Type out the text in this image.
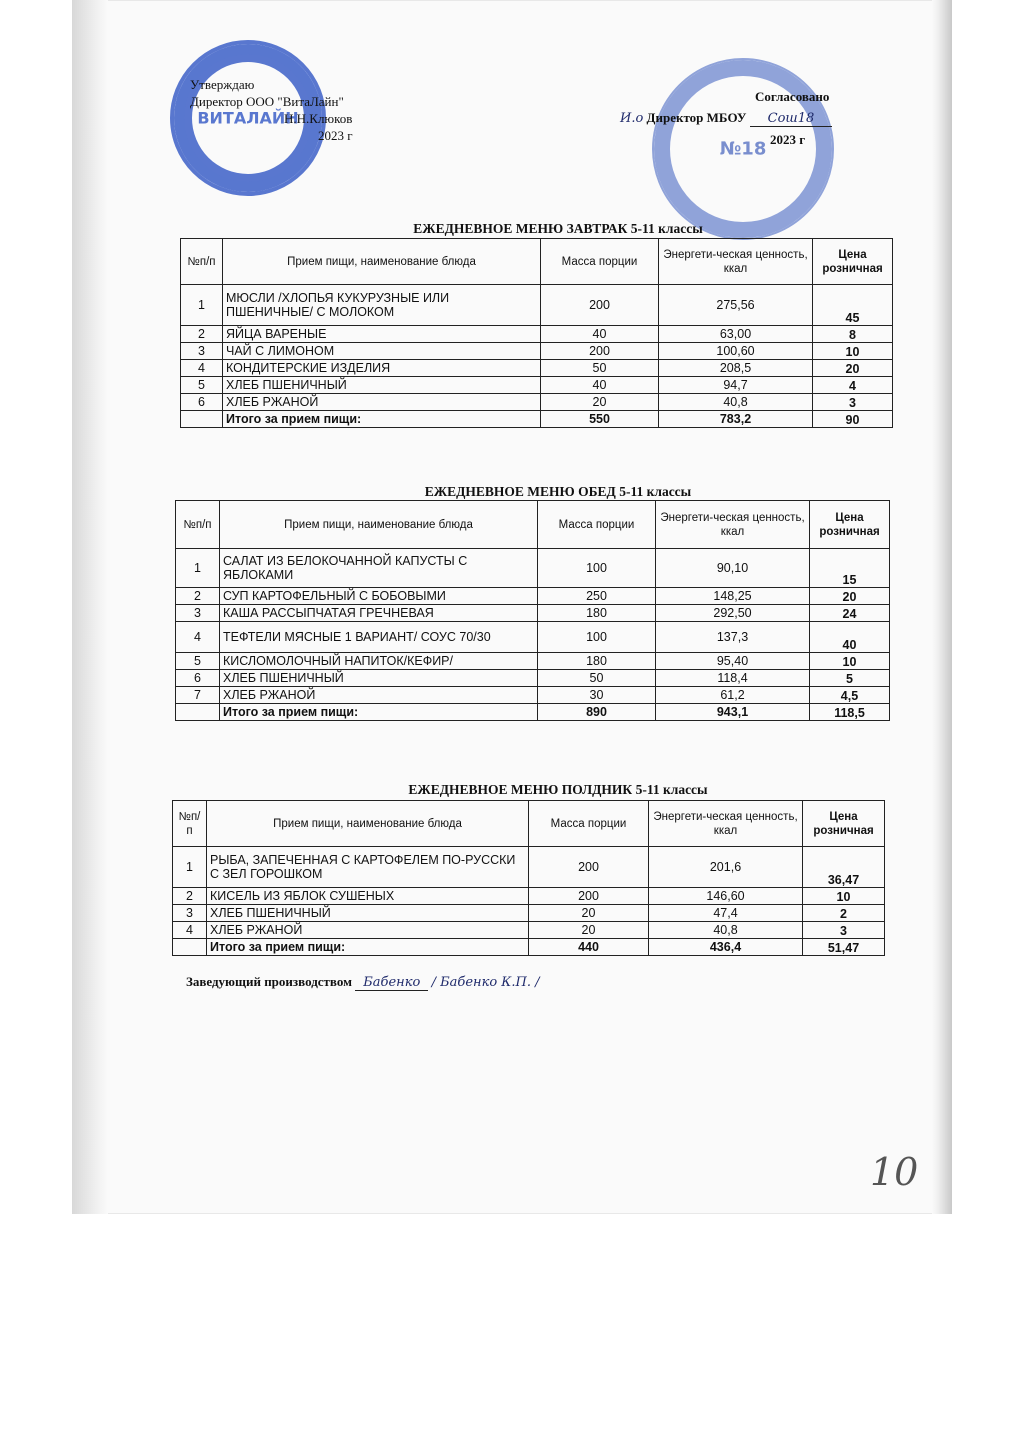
ВИТАЛАЙН
№18
Утверждаю
Директор ООО "ВитаЛайн"
Н.Н.Клюков
2023 г
Согласовано
И.о Директор МБОУ Сош18
2023 г
ЕЖЕДНЕВНОЕ МЕНЮ ЗАВТРАК 5-11 классы
№п/п	Прием пищи, наименование блюда	Масса порции	Энергети-ческая ценность, ккал	Цена розничная
1	МЮСЛИ /ХЛОПЬЯ КУКУРУЗНЫЕ ИЛИ ПШЕНИЧНЫЕ/ С МОЛОКОМ	200	275,56	45
2	ЯЙЦА ВАРЕНЫЕ	40	63,00	8
3	ЧАЙ С ЛИМОНОМ	200	100,60	10
4	КОНДИТЕРСКИЕ ИЗДЕЛИЯ	50	208,5	20
5	ХЛЕБ ПШЕНИЧНЫЙ	40	94,7	4
6	ХЛЕБ РЖАНОЙ	20	40,8	3
	Итого за прием пищи:	550	783,2	90
ЕЖЕДНЕВНОЕ МЕНЮ ОБЕД 5-11 классы
№п/п	Прием пищи, наименование блюда	Масса порции	Энергети-ческая ценность, ккал	Цена розничная
1	САЛАТ ИЗ БЕЛОКОЧАННОЙ КАПУСТЫ С ЯБЛОКАМИ	100	90,10	15
2	СУП КАРТОФЕЛЬНЫЙ С БОБОВЫМИ	250	148,25	20
3	КАША РАССЫПЧАТАЯ ГРЕЧНЕВАЯ	180	292,50	24
4	ТЕФТЕЛИ МЯСНЫЕ 1 ВАРИАНТ/ СОУС 70/30	100	137,3	40
5	КИСЛОМОЛОЧНЫЙ НАПИТОК/КЕФИР/	180	95,40	10
6	ХЛЕБ ПШЕНИЧНЫЙ	50	118,4	5
7	ХЛЕБ РЖАНОЙ	30	61,2	4,5
	Итого за прием пищи:	890	943,1	118,5
ЕЖЕДНЕВНОЕ МЕНЮ ПОЛДНИК 5-11 классы
№п/п	Прием пищи, наименование блюда	Масса порции	Энергети-ческая ценность, ккал	Цена розничная
1	РЫБА, ЗАПЕЧЕННАЯ С КАРТОФЕЛЕМ ПО-РУССКИ С ЗЕЛ ГОРОШКОМ	200	201,6	36,47
2	КИСЕЛЬ ИЗ ЯБЛОК СУШЕНЫХ	200	146,60	10
3	ХЛЕБ ПШЕНИЧНЫЙ	20	47,4	2
4	ХЛЕБ РЖАНОЙ	20	40,8	3
	Итого за прием пищи:	440	436,4	51,47
Заведующий производством Бабенко / Бабенко К.П. /
10
